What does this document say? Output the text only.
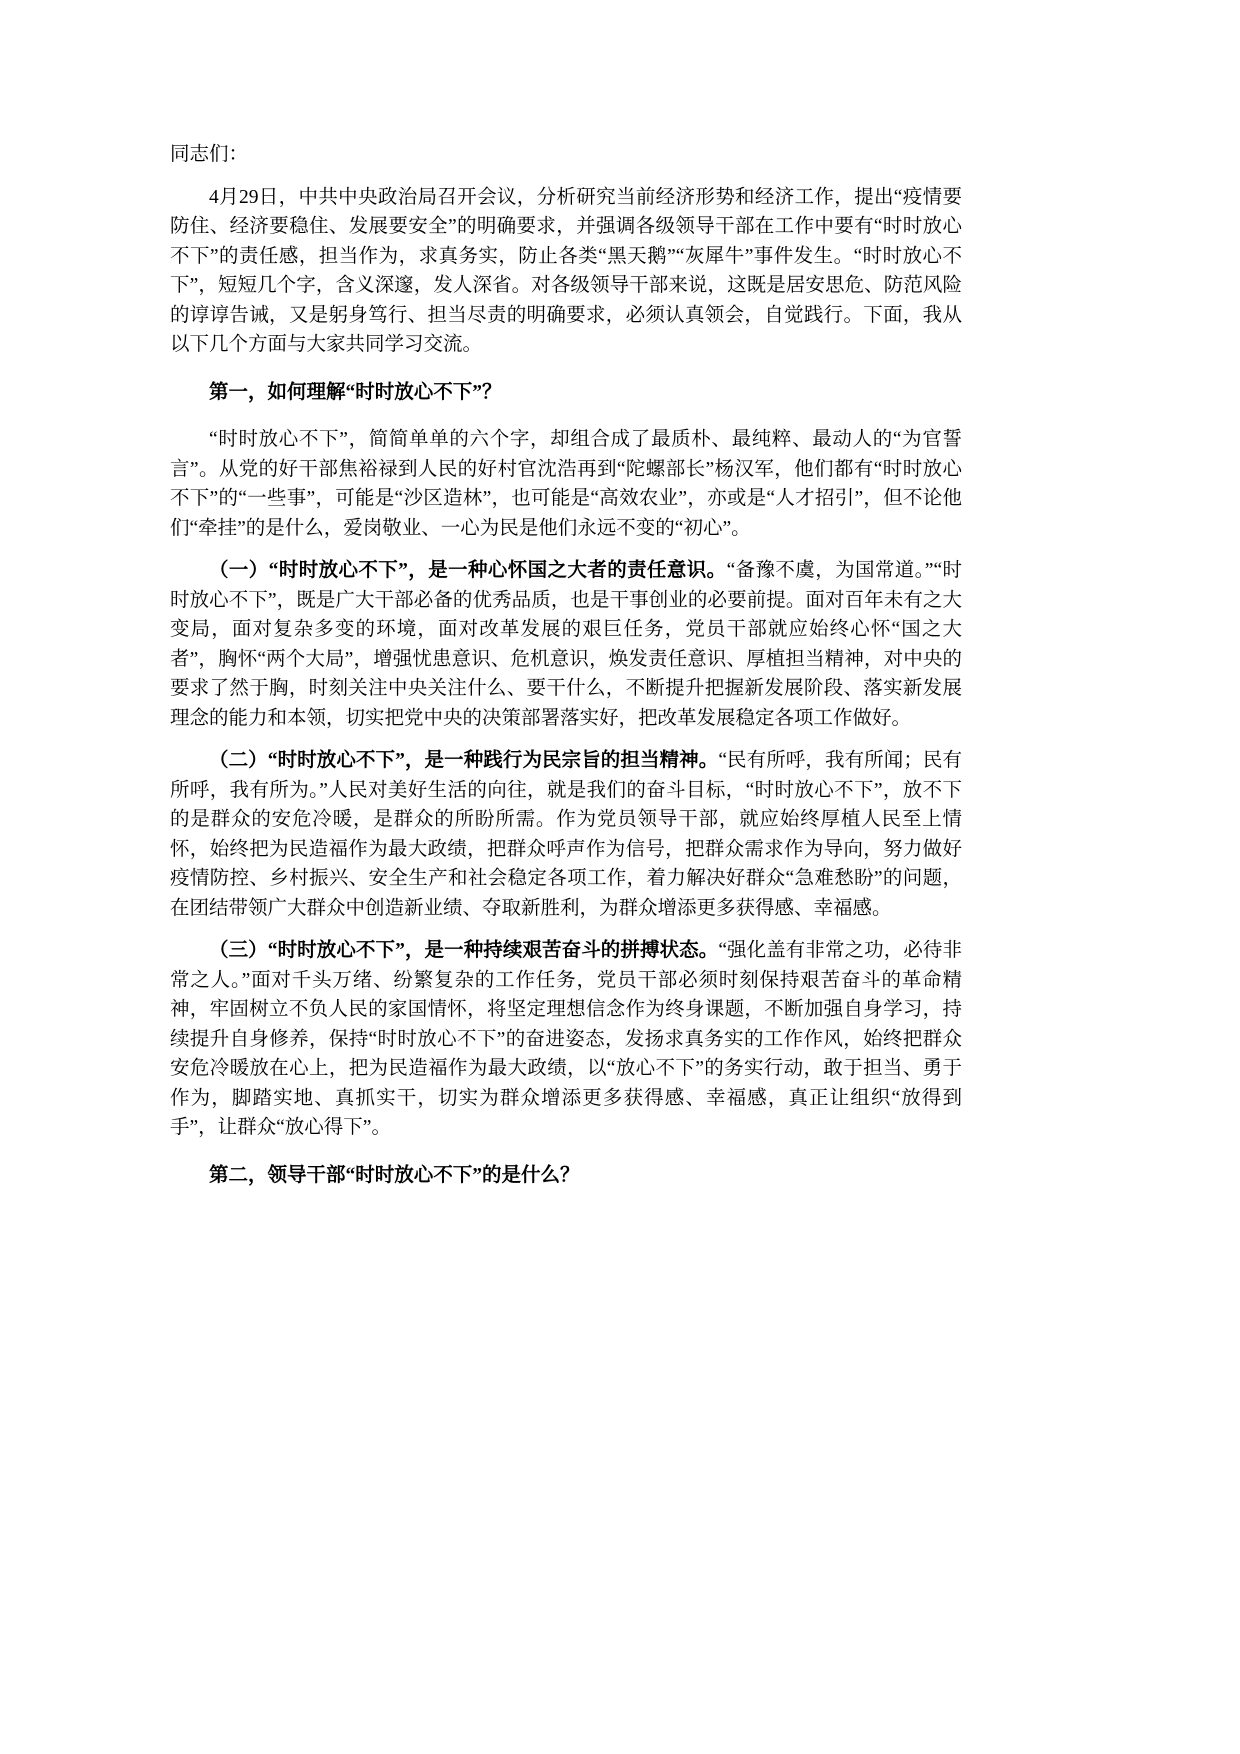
同志们：

4月29日，中共中央政治局召开会议，分析研究当前经济形势和经济工作，提出“疫情要防住、经济要稳住、发展要安全”的明确要求，并强调各级领导干部在工作中要有“时时放心不下”的责任感，担当作为，求真务实，防止各类“黑天鹅”“灰犀牛”事件发生。“时时放心不下”，短短几个字，含义深邃，发人深省。对各级领导干部来说，这既是居安思危、防范风险的谆谆告诫，又是躬身笃行、担当尽责的明确要求，必须认真领会，自觉践行。下面，我从以下几个方面与大家共同学习交流。

第一，如何理解“时时放心不下”？

“时时放心不下”，简简单单的六个字，却组合成了最质朴、最纯粹、最动人的“为官誓言”。从党的好干部焦裕禄到人民的好村官沈浩再到“陀螺部长”杨汉军，他们都有“时时放心不下”的“一些事”，可能是“沙区造林”，也可能是“高效农业”，亦或是“人才招引”，但不论他们“牵挂”的是什么，爱岗敬业、一心为民是他们永远不变的“初心”。

（一）“时时放心不下”，是一种心怀国之大者的责任意识。“备豫不虞，为国常道。”“时时放心不下”，既是广大干部必备的优秀品质，也是干事创业的必要前提。面对百年未有之大变局，面对复杂多变的环境，面对改革发展的艰巨任务，党员干部就应始终心怀“国之大者”，胸怀“两个大局”，增强忧患意识、危机意识，焕发责任意识、厚植担当精神，对中央的要求了然于胸，时刻关注中央关注什么、要干什么，不断提升把握新发展阶段、落实新发展理念的能力和本领，切实把党中央的决策部署落实好，把改革发展稳定各项工作做好。

（二）“时时放心不下”，是一种践行为民宗旨的担当精神。“民有所呼，我有所闻；民有所呼，我有所为。”人民对美好生活的向往，就是我们的奋斗目标，“时时放心不下”，放不下的是群众的安危冷暖，是群众的所盼所需。作为党员领导干部，就应始终厚植人民至上情怀，始终把为民造福作为最大政绩，把群众呼声作为信号，把群众需求作为导向，努力做好疫情防控、乡村振兴、安全生产和社会稳定各项工作，着力解决好群众“急难愁盼”的问题，在团结带领广大群众中创造新业绩、夺取新胜利，为群众增添更多获得感、幸福感。

（三）“时时放心不下”，是一种持续艰苦奋斗的拼搏状态。“强化盖有非常之功，必待非常之人。”面对千头万绪、纷繁复杂的工作任务，党员干部必须时刻保持艰苦奋斗的革命精神，牢固树立不负人民的家国情怀，将坚定理想信念作为终身课题，不断加强自身学习，持续提升自身修养，保持“时时放心不下”的奋进姿态，发扬求真务实的工作作风，始终把群众安危冷暖放在心上，把为民造福作为最大政绩，以“放心不下”的务实行动，敢于担当、勇于作为，脚踏实地、真抓实干，切实为群众增添更多获得感、幸福感，真正让组织“放得到手”，让群众“放心得下”。

第二，领导干部“时时放心不下”的是什么？
